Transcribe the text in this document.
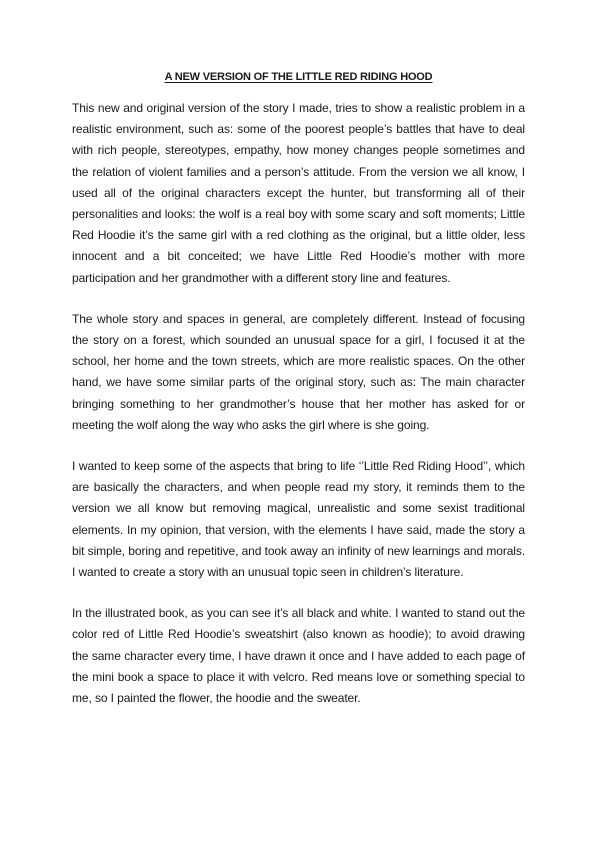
A NEW VERSION OF THE LITTLE RED RIDING HOOD

This new and original version of the story I made, tries to show a realistic problem in a realistic environment, such as: some of the poorest people’s battles that have to deal with rich people, stereotypes, empathy, how money changes people sometimes and the relation of violent families and a person’s attitude. From the version we all know, I used all of the original characters except the hunter, but transforming all of their personalities and looks: the wolf is a real boy with some scary and soft moments; Little Red Hoodie it’s the same girl with a red clothing as the original, but a little older, less innocent and a bit conceited; we have Little Red Hoodie’s mother with more participation and her grandmother with a different story line and features.

The whole story and spaces in general, are completely different. Instead of focusing the story on a forest, which sounded an unusual space for a girl, I focused it at the school, her home and the town streets, which are more realistic spaces. On the other hand, we have some similar parts of the original story, such as: The main character bringing something to her grandmother’s house that her mother has asked for or meeting the wolf along the way who asks the girl where is she going.

I wanted to keep some of the aspects that bring to life ‘’Little Red Riding Hood’’, which are basically the characters, and when people read my story, it reminds them to the version we all know but removing magical, unrealistic and some sexist traditional elements. In my opinion, that version, with the elements I have said, made the story a bit simple, boring and repetitive, and took away an infinity of new learnings and morals. I wanted to create a story with an unusual topic seen in children’s literature.

In the illustrated book, as you can see it’s all black and white. I wanted to stand out the color red of Little Red Hoodie’s sweatshirt (also known as hoodie); to avoid drawing the same character every time, I have drawn it once and I have added to each page of the mini book a space to place it with velcro. Red means love or something special to me, so I painted the flower, the hoodie and the sweater.
